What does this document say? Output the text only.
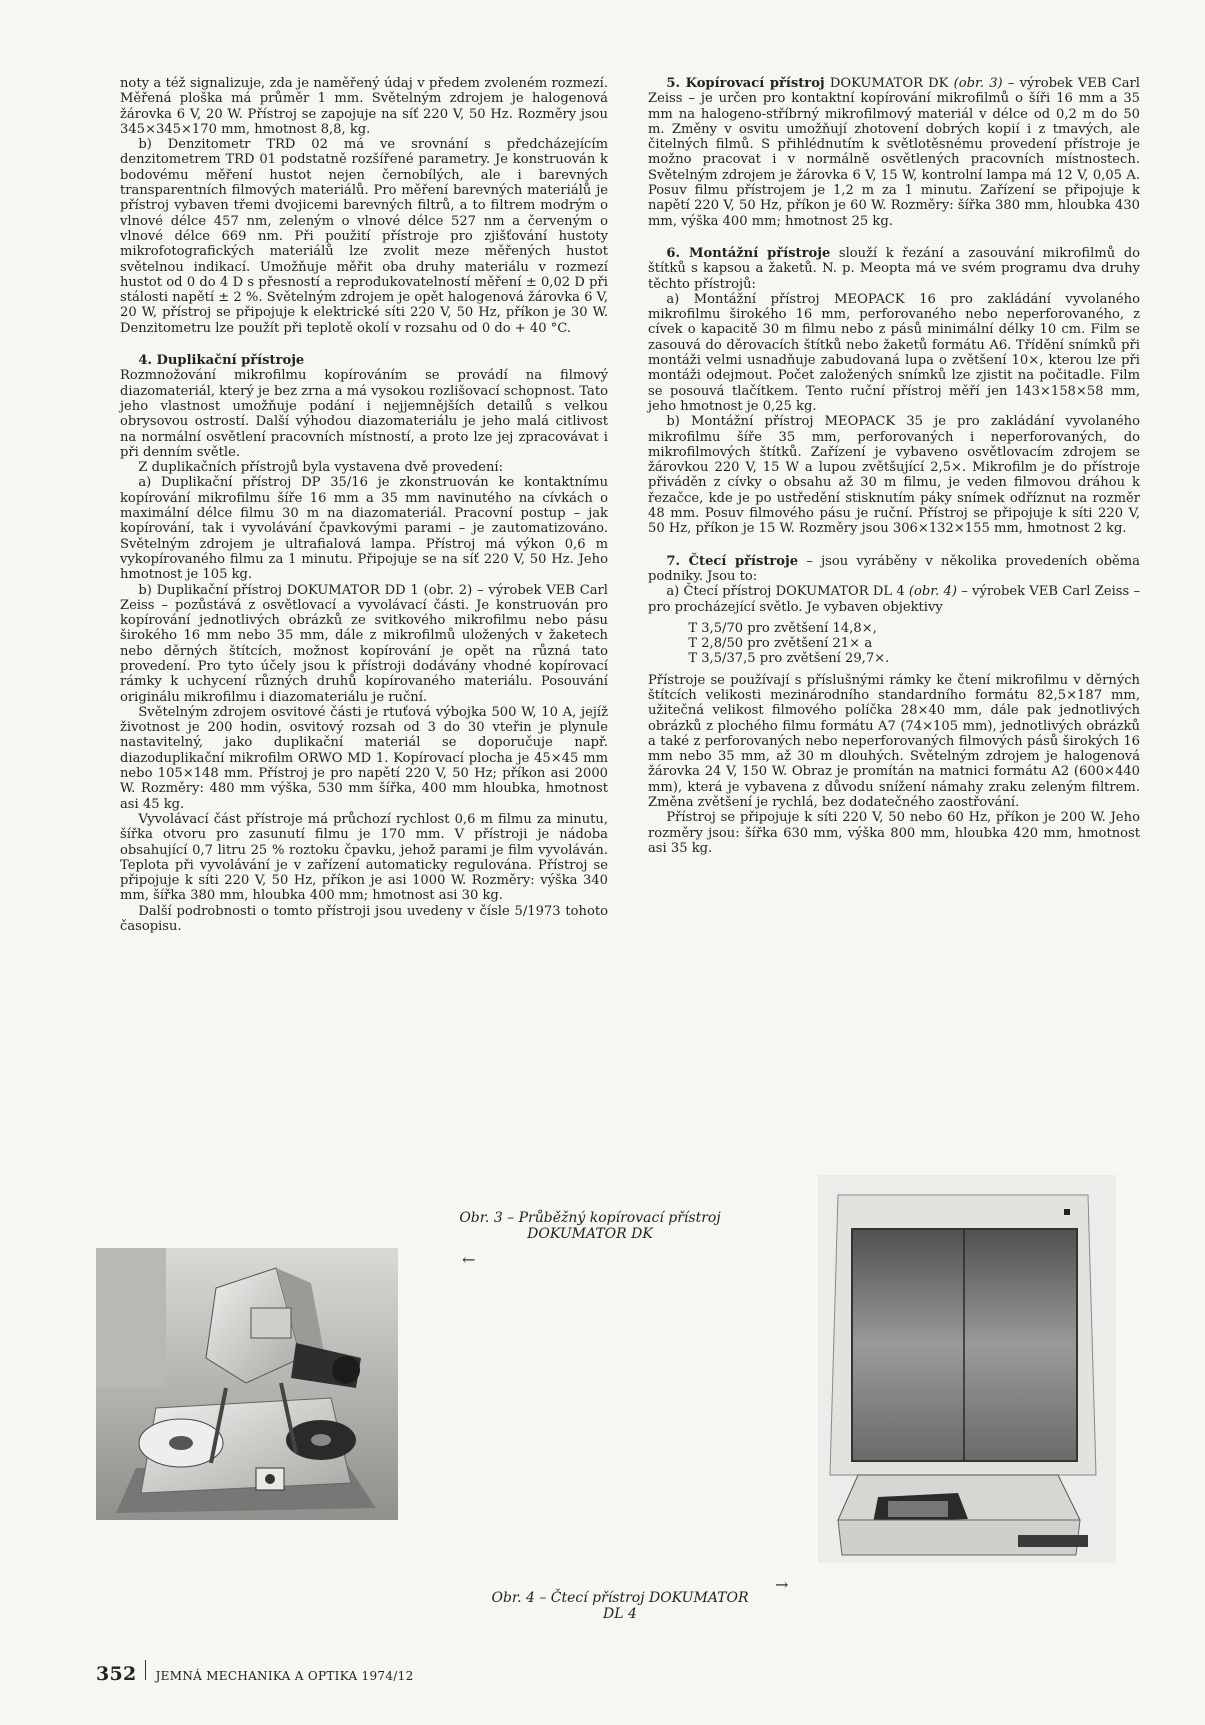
noty a též signalizuje, zda je naměřený údaj v předem zvoleném rozmezí. Měřená ploška má průměr 1 mm. Světelným zdrojem je halogenová žárovka 6 V, 20 W. Přístroj se zapojuje na síť 220 V, 50 Hz. Rozměry jsou 345×345×170 mm, hmotnost 8,8, kg.

b) Denzitometr TRD 02 má ve srovnání s předcházejícím denzitometrem TRD 01 podstatně rozšířené parametry. Je konstruován k bodovému měření hustot nejen černobílých, ale i barevných transparentních filmových materiálů. Pro měření barevných materiálů je přístroj vybaven třemi dvojicemi barevných filtrů, a to filtrem modrým o vlnové délce 457 nm, zeleným o vlnové délce 527 nm a červeným o vlnové délce 669 nm. Při použití přístroje pro zjišťování hustoty mikrofotografických materiálů lze zvolit meze měřených hustot světelnou indikací. Umožňuje měřit oba druhy materiálu v rozmezí hustot od 0 do 4 D s přesností a reprodukovatelností měření ± 0,02 D při stálosti napětí ± 2 %. Světelným zdrojem je opět halogenová žárovka 6 V, 20 W, přístroj se připojuje k elektrické síti 220 V, 50 Hz, příkon je 30 W. Denzitometru lze použít při teplotě okolí v rozsahu od 0 do + 40 °C.

4. Duplikační přístroje

Rozmnožování mikrofilmu kopírováním se provádí na filmový diazomateriál, který je bez zrna a má vysokou rozlišovací schopnost. Tato jeho vlastnost umožňuje podání i nejjemnějších detailů s velkou obrysovou ostrostí. Další výhodou diazomateriálu je jeho malá citlivost na normální osvětlení pracovních místností, a proto lze jej zpracovávat i při denním světle.

Z duplikačních přístrojů byla vystavena dvě provedení:

a) Duplikační přístroj DP 35/16 je zkonstruován ke kontaktnímu kopírování mikrofilmu šíře 16 mm a 35 mm navinutého na cívkách o maximální délce filmu 30 m na diazomateriál. Pracovní postup – jak kopírování, tak i vyvolávání čpavkovými parami – je zautomatizováno. Světelným zdrojem je ultrafialová lampa. Přístroj má výkon 0,6 m vykopírovaného filmu za 1 minutu. Připojuje se na síť 220 V, 50 Hz. Jeho hmotnost je 105 kg.

b) Duplikační přístroj DOKUMATOR DD 1 (obr. 2) – výrobek VEB Carl Zeiss – pozůstává z osvětlovací a vyvolávací části. Je konstruován pro kopírování jednotlivých obrázků ze svitkového mikrofilmu nebo pásu širokého 16 mm nebo 35 mm, dále z mikrofilmů uložených v žaketech nebo děrných štítcích, možnost kopírování je opět na různá tato provedení. Pro tyto účely jsou k přístroji dodávány vhodné kopírovací rámky k uchycení různých druhů kopírovaného materiálu. Posouvání originálu mikrofilmu i diazomateriálu je ruční.

Světelným zdrojem osvitové části je rtuťová výbojka 500 W, 10 A, jejíž životnost je 200 hodin, osvitový rozsah od 3 do 30 vteřin je plynule nastavitelný, jako duplikační materiál se doporučuje např. diazoduplikační mikrofilm ORWO MD 1. Kopírovací plocha je 45×45 mm nebo 105×148 mm. Přístroj je pro napětí 220 V, 50 Hz; příkon asi 2000 W. Rozměry: 480 mm výška, 530 mm šířka, 400 mm hloubka, hmotnost asi 45 kg.

Vyvolávací část přístroje má průchozí rychlost 0,6 m filmu za minutu, šířka otvoru pro zasunutí filmu je 170 mm. V přístroji je nádoba obsahující 0,7 litru 25 % roztoku čpavku, jehož parami je film vyvoláván. Teplota při vyvolávání je v zařízení automaticky regulována. Přístroj se připojuje k síti 220 V, 50 Hz, příkon je asi 1000 W. Rozměry: výška 340 mm, šířka 380 mm, hloubka 400 mm; hmotnost asi 30 kg.

Další podrobnosti o tomto přístroji jsou uvedeny v čísle 5/1973 tohoto časopisu.

5. Kopírovací přístroj DOKUMATOR DK (obr. 3) – výrobek VEB Carl Zeiss – je určen pro kontaktní kopírování mikrofilmů o šíři 16 mm a 35 mm na halogeno-stříbrný mikrofilmový materiál v délce od 0,2 m do 50 m. Změny v osvitu umožňují zhotovení dobrých kopií i z tmavých, ale čitelných filmů. S přihlédnutím k světlotěsnému provedení přístroje je možno pracovat i v normálně osvětlených pracovních místnostech. Světelným zdrojem je žárovka 6 V, 15 W, kontrolní lampa má 12 V, 0,05 A. Posuv filmu přístrojem je 1,2 m za 1 minutu. Zařízení se připojuje k napětí 220 V, 50 Hz, příkon je 60 W. Rozměry: šířka 380 mm, hloubka 430 mm, výška 400 mm; hmotnost 25 kg.

6. Montážní přístroje slouží k řezání a zasouvání mikrofilmů do štítků s kapsou a žaketů. N. p. Meopta má ve svém programu dva druhy těchto přístrojů:

a) Montážní přístroj MEOPACK 16 pro zakládání vyvolaného mikrofilmu širokého 16 mm, perforovaného nebo neperforovaného, z cívek o kapacitě 30 m filmu nebo z pásů minimální délky 10 cm. Film se zasouvá do děrovacích štítků nebo žaketů formátu A6. Třídění snímků při montáži velmi usnadňuje zabudovaná lupa o zvětšení 10×, kterou lze při montáži odejmout. Počet založených snímků lze zjistit na počitadle. Film se posouvá tlačítkem. Tento ruční přístroj měří jen 143×158×58 mm, jeho hmotnost je 0,25 kg.

b) Montážní přístroj MEOPACK 35 je pro zakládání vyvolaného mikrofilmu šíře 35 mm, perforovaných i neperforovaných, do mikrofilmových štítků. Zařízení je vybaveno osvětlovacím zdrojem se žárovkou 220 V, 15 W a lupou zvětšující 2,5×. Mikrofilm je do přístroje přiváděn z cívky o obsahu až 30 m filmu, je veden filmovou dráhou k řezačce, kde je po ustředění stisknutím páky snímek odříznut na rozměr 48 mm. Posuv filmového pásu je ruční. Přístroj se připojuje k síti 220 V, 50 Hz, příkon je 15 W. Rozměry jsou 306×132×155 mm, hmotnost 2 kg.

7. Čtecí přístroje – jsou vyráběny v několika provedeních oběma podniky. Jsou to:

a) Čtecí přístroj DOKUMATOR DL 4 (obr. 4) – výrobek VEB Carl Zeiss – pro procházející světlo. Je vybaven objektivy

T 3,5/70 pro zvětšení 14,8×,

T 2,8/50 pro zvětšení 21× a

T 3,5/37,5 pro zvětšení 29,7×.

Přístroje se používají s příslušnými rámky ke čtení mikrofilmu v děrných štítcích velikosti mezinárodního standardního formátu 82,5×187 mm, užitečná velikost filmového políčka 28×40 mm, dále pak jednotlivých obrázků z plochého filmu formátu A7 (74×105 mm), jednotlivých obrázků a také z perforovaných nebo neperforovaných filmových pásů širokých 16 mm nebo 35 mm, až 30 m dlouhých. Světelným zdrojem je halogenová žárovka 24 V, 150 W. Obraz je promítán na matnici formátu A2 (600×440 mm), která je vybavena z důvodu snížení námahy zraku zeleným filtrem. Změna zvětšení je rychlá, bez dodatečného zaostřování.

Přístroj se připojuje k síti 220 V, 50 nebo 60 Hz, příkon je 200 W. Jeho rozměry jsou: šířka 630 mm, výška 800 mm, hloubka 420 mm, hmotnost asi 35 kg.

Obr. 3 – Průběžný kopírovací přístroj
DOKUMATOR DK
←
→
Obr. 4 – Čtecí přístroj DOKUMATOR
DL 4
352 JEMNÁ MECHANIKA A OPTIKA 1974/12
